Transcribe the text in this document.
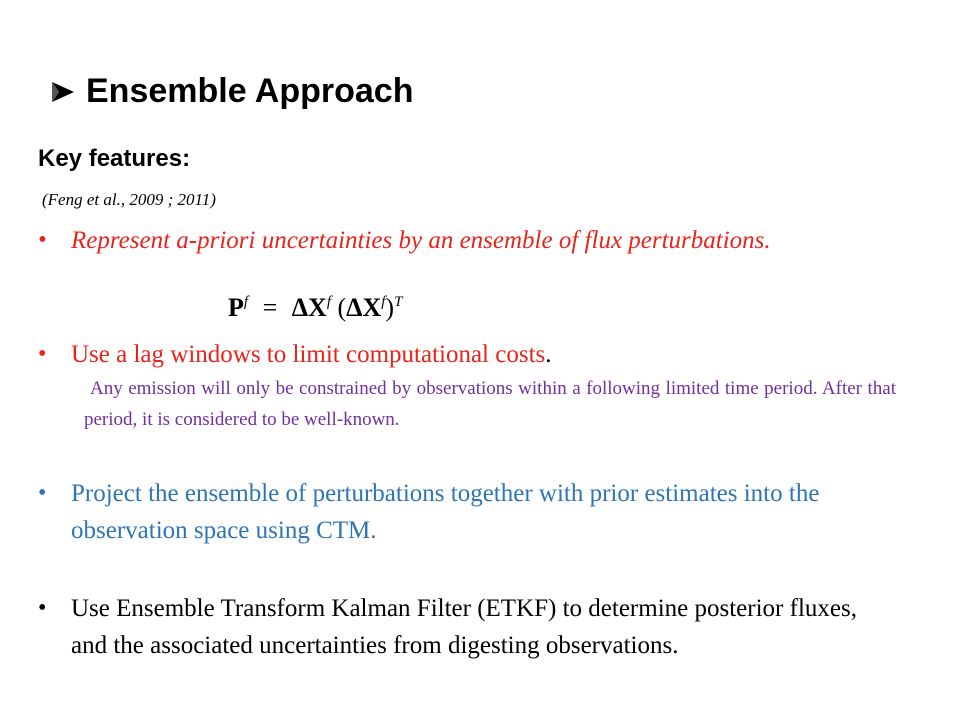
Ensemble Approach
Key features:
(Feng et al., 2009 ; 2011)
• Represent a-priori uncertainties by an ensemble of flux perturbations.
$P^f = \Delta X^f$ $(\Delta X^f)^T$
• Use a lag windows to limit computational costs.
Any emission will only be constrained by observations within a following limited time period. After that period, it is considered to be well-known.
• Project the ensemble of perturbations together with prior estimates into the observation space using CTM.
• Use Ensemble Transform Kalman Filter (ETKF) to determine posterior fluxes, and the associated uncertainties from digesting observations.
